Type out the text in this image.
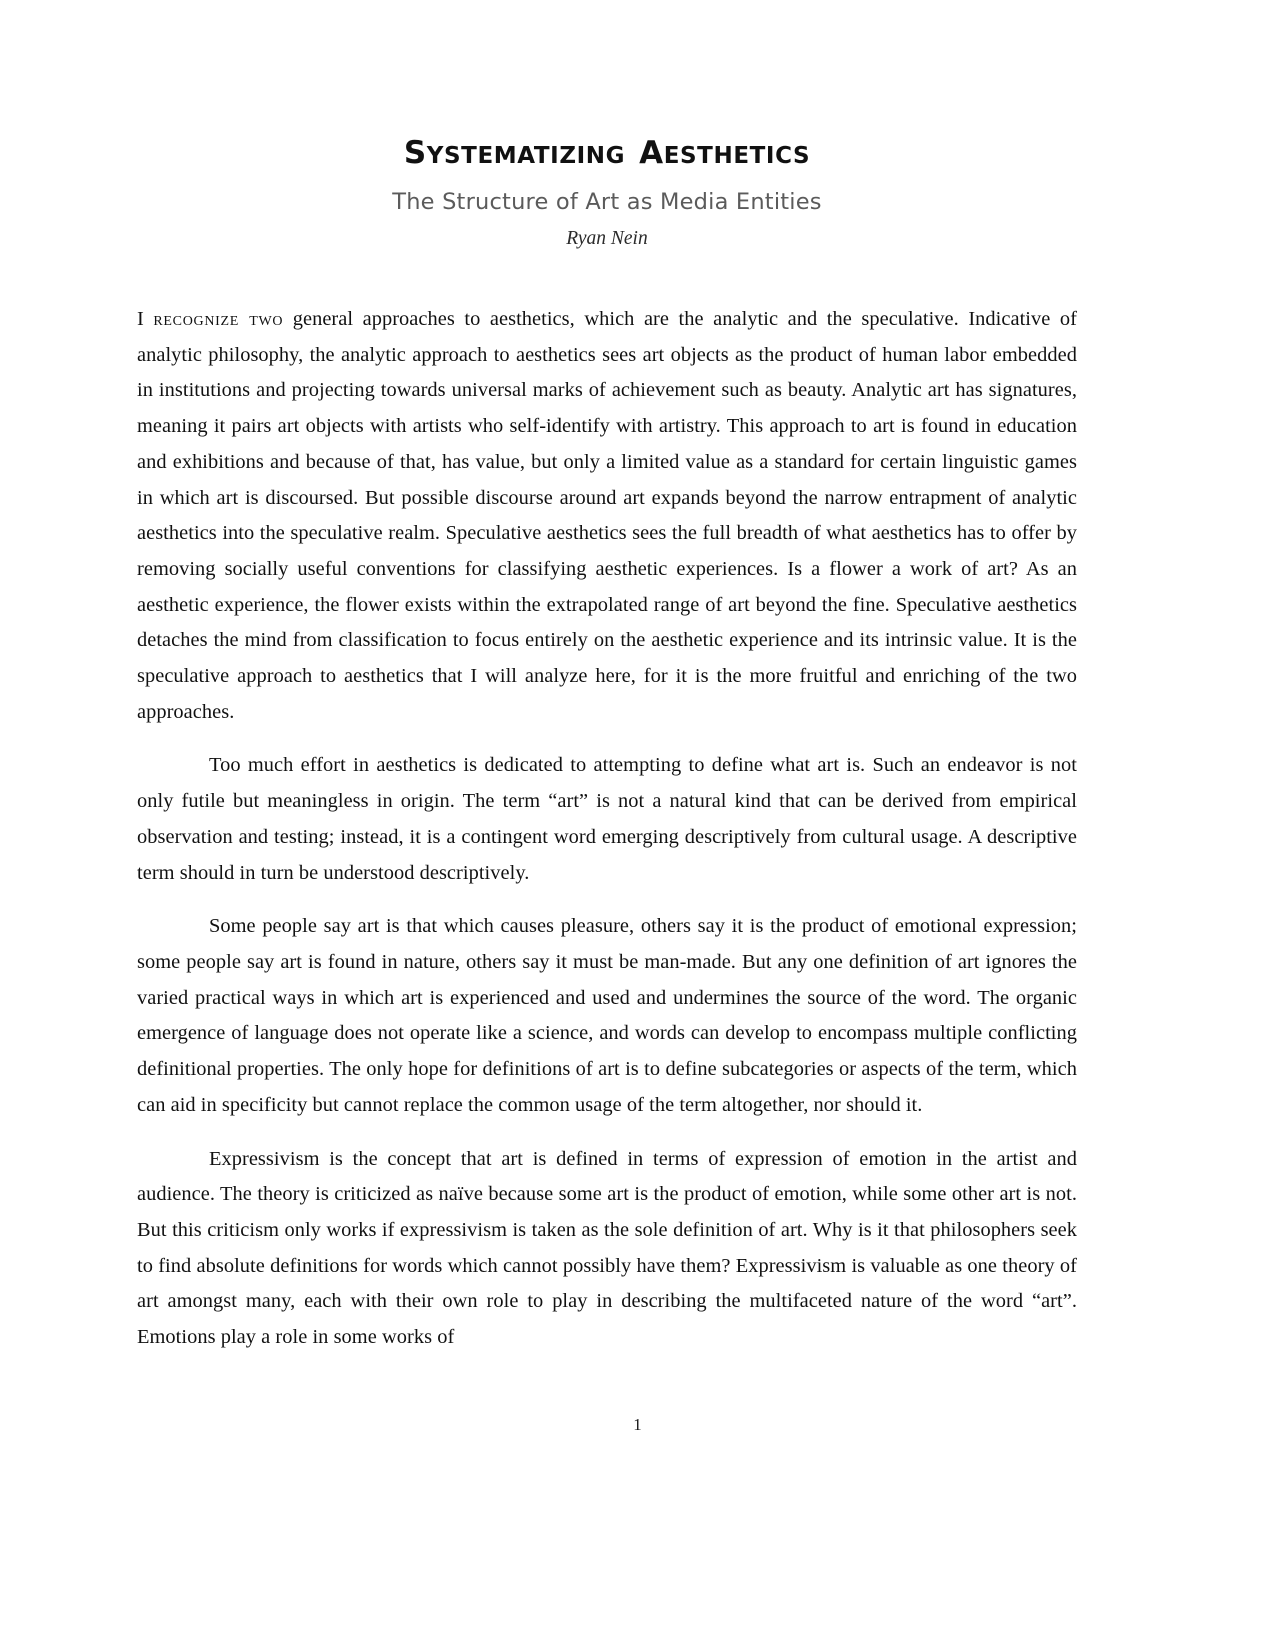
SYSTEMATIZING AESTHETICS
The Structure of Art as Media Entities
Ryan Nein

I recognize two general approaches to aesthetics, which are the analytic and the speculative. Indicative of analytic philosophy, the analytic approach to aesthetics sees art objects as the product of human labor embedded in institutions and projecting towards universal marks of achievement such as beauty. Analytic art has signatures, meaning it pairs art objects with artists who self-identify with artistry. This approach to art is found in education and exhibitions and because of that, has value, but only a limited value as a standard for certain linguistic games in which art is discoursed. But possible discourse around art expands beyond the narrow entrapment of analytic aesthetics into the speculative realm. Speculative aesthetics sees the full breadth of what aesthetics has to offer by removing socially useful conventions for classifying aesthetic experiences. Is a flower a work of art? As an aesthetic experience, the flower exists within the extrapolated range of art beyond the fine. Speculative aesthetics detaches the mind from classification to focus entirely on the aesthetic experience and its intrinsic value. It is the speculative approach to aesthetics that I will analyze here, for it is the more fruitful and enriching of the two approaches.

Too much effort in aesthetics is dedicated to attempting to define what art is. Such an endeavor is not only futile but meaningless in origin. The term “art” is not a natural kind that can be derived from empirical observation and testing; instead, it is a contingent word emerging descriptively from cultural usage. A descriptive term should in turn be understood descriptively.

Some people say art is that which causes pleasure, others say it is the product of emotional expression; some people say art is found in nature, others say it must be man-made. But any one definition of art ignores the varied practical ways in which art is experienced and used and undermines the source of the word. The organic emergence of language does not operate like a science, and words can develop to encompass multiple conflicting definitional properties. The only hope for definitions of art is to define subcategories or aspects of the term, which can aid in specificity but cannot replace the common usage of the term altogether, nor should it.

Expressivism is the concept that art is defined in terms of expression of emotion in the artist and audience. The theory is criticized as naïve because some art is the product of emotion, while some other art is not. But this criticism only works if expressivism is taken as the sole definition of art. Why is it that philosophers seek to find absolute definitions for words which cannot possibly have them? Expressivism is valuable as one theory of art amongst many, each with their own role to play in describing the multifaceted nature of the word “art”. Emotions play a role in some works of

1
